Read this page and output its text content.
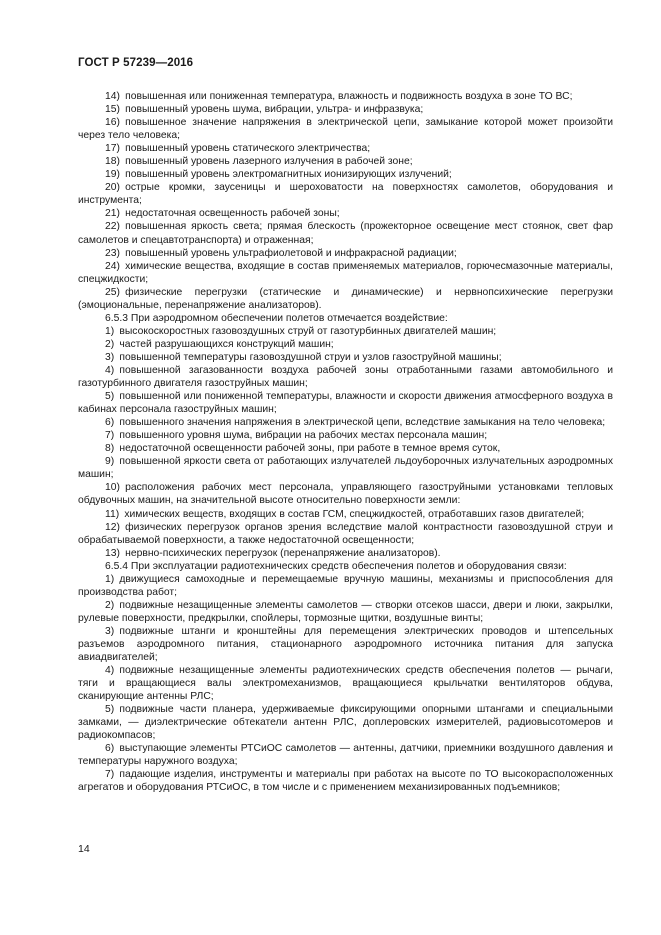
ГОСТ Р 57239—2016

14) повышенная или пониженная температура, влажность и подвижность воздуха в зоне ТО ВС;

15) повышенный уровень шума, вибрации, ультра- и инфразвука;

16) повышенное значение напряжения в электрической цепи, замыкание которой может произойти через тело человека;

17) повышенный уровень статического электричества;

18) повышенный уровень лазерного излучения в рабочей зоне;

19) повышенный уровень электромагнитных ионизирующих излучений;

20) острые кромки, заусеницы и шероховатости на поверхностях самолетов, оборудования и инструмента;

21) недостаточная освещенность рабочей зоны;

22) повышенная яркость света; прямая блескость (прожекторное освещение мест стоянок, свет фар самолетов и спецавтотранспорта) и отраженная;

23) повышенный уровень ультрафиолетовой и инфракрасной радиации;

24) химические вещества, входящие в состав применяемых материалов, горючесмазочные материалы, спецжидкости;

25) физические перегрузки (статические и динамические) и нервнопсихические перегрузки (эмоциональные, перенапряжение анализаторов).

6.5.3 При аэродромном обеспечении полетов отмечается воздействие:

1) высокоскоростных газовоздушных струй от газотурбинных двигателей машин;

2) частей разрушающихся конструкций машин;

3) повышенной температуры газовоздушной струи и узлов газоструйной машины;

4) повышенной загазованности воздуха рабочей зоны отработанными газами автомобильного и газотурбинного двигателя газоструйных машин;

5) повышенной или пониженной температуры, влажности и скорости движения атмосферного воздуха в кабинах персонала газоструйных машин;

6) повышенного значения напряжения в электрической цепи, вследствие замыкания на тело человека;

7) повышенного уровня шума, вибрации на рабочих местах персонала машин;

8) недостаточной освещенности рабочей зоны, при работе в темное время суток,

9) повышенной яркости света от работающих излучателей льдоуборочных излучательных аэродромных машин;

10) расположения рабочих мест персонала, управляющего газоструйными установками тепловых обдувочных машин, на значительной высоте относительно поверхности земли:

11) химических веществ, входящих в состав ГСМ, спецжидкостей, отработавших газов двигателей;

12) физических перегрузок органов зрения вследствие малой контрастности газовоздушной струи и обрабатываемой поверхности, а также недостаточной освещенности;

13) нервно-психических перегрузок (перенапряжение анализаторов).

6.5.4 При эксплуатации радиотехнических средств обеспечения полетов и оборудования связи:

1) движущиеся самоходные и перемещаемые вручную машины, механизмы и приспособления для производства работ;

2) подвижные незащищенные элементы самолетов — створки отсеков шасси, двери и люки, закрылки, рулевые поверхности, предкрылки, спойлеры, тормозные щитки, воздушные винты;

3) подвижные штанги и кронштейны для перемещения электрических проводов и штепсельных разъемов аэродромного питания, стационарного аэродромного источника питания для запуска авиадвигателей;

4) подвижные незащищенные элементы радиотехнических средств обеспечения полетов — рычаги, тяги и вращающиеся валы электромеханизмов, вращающиеся крыльчатки вентиляторов обдува, сканирующие антенны РЛС;

5) подвижные части планера, удерживаемые фиксирующими опорными штангами и специальными замками, — диэлектрические обтекатели антенн РЛС, доплеровских измерителей, радиовысотомеров и радиокомпасов;

6) выступающие элементы РТСиОС самолетов — антенны, датчики, приемники воздушного давления и температуры наружного воздуха;

7) падающие изделия, инструменты и материалы при работах на высоте по ТО высокорасположенных агрегатов и оборудования РТСиОС, в том числе и с применением механизированных подъемников;

14
